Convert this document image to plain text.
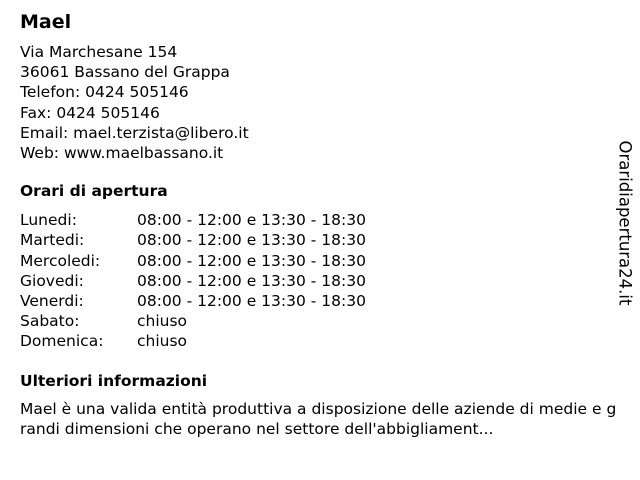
Mael
Via Marchesane 154
36061 Bassano del Grappa
Telefon: 0424 505146
Fax: 0424 505146
Email: mael.terzista@libero.it
Web: www.maelbassano.it
Orari di apertura
Lunedi:	08:00 - 12:00 e 13:30 - 18:30
Martedi:	08:00 - 12:00 e 13:30 - 18:30
Mercoledi:	08:00 - 12:00 e 13:30 - 18:30
Giovedi:	08:00 - 12:00 e 13:30 - 18:30
Venerdi:	08:00 - 12:00 e 13:30 - 18:30
Sabato:	chiuso
Domenica:	chiuso
Ulteriori informazioni
Mael è una valida entità produttiva a disposizione delle aziende di medie e grandi dimensioni che operano nel settore dell'abbigliament...
Oraridiapertura24.it
